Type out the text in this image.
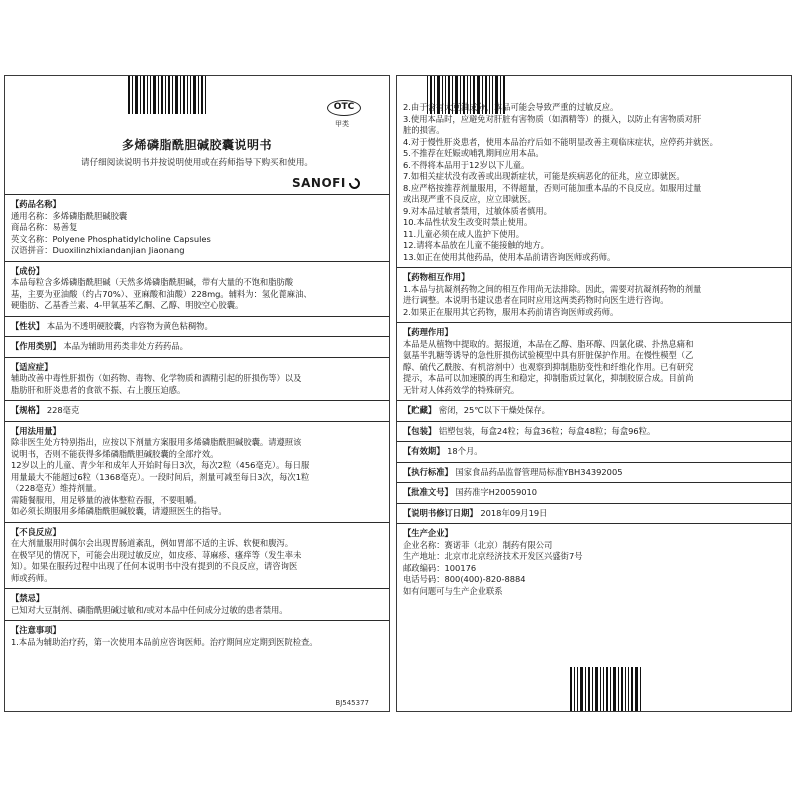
OTC
甲类
多烯磷脂酰胆碱胶囊说明书
请仔细阅读说明书并按说明使用或在药师指导下购买和使用。
SANOFI
【药品名称】
通用名称：多烯磷脂酰胆碱胶囊
商品名称：易善复
英文名称：Polyene Phosphatidylcholine Capsules
汉语拼音：Duoxilinzhixiandanjian Jiaonang
【成份】
本品每粒含多烯磷脂酰胆碱（天然多烯磷脂酰胆碱，带有大量的不饱和脂肪酸
基，主要为亚油酸（约占70%）、亚麻酸和油酸）228mg。辅料为：氢化蓖麻油、
硬脂肪、乙基香兰素、4-甲氧基苯乙酮、乙醇、明胶空心胶囊。
【性状】 本品为不透明硬胶囊，内容物为黄色粘稠物。
【作用类别】 本品为辅助用药类非处方药药品。
【适应症】
辅助改善中毒性肝损伤（如药物、毒物、化学物质和酒精引起的肝损伤等）以及
脂肪肝和肝炎患者的食欲不振、右上腹压迫感。
【规格】 228毫克
【用法用量】
除非医生处方特别指出，应按以下剂量方案服用多烯磷脂酰胆碱胶囊。请遵照该
说明书，否则不能获得多烯磷脂酰胆碱胶囊的全部疗效。
12岁以上的儿童、青少年和成年人开始时每日3次，每次2粒（456毫克）。每日服
用量最大不能超过6粒（1368毫克）。一段时间后，剂量可减至每日3次，每次1粒
（228毫克）维持剂量。
需随餐服用，用足够量的液体整粒吞服，不要咀嚼。
如必须长期服用多烯磷脂酰胆碱胶囊，请遵照医生的指导。
【不良反应】
在大剂量服用时偶尔会出现胃肠道紊乱，例如胃部不适的主诉、软便和腹泻。
在极罕见的情况下，可能会出现过敏反应，如皮疹、荨麻疹、瘙痒等（发生率未
知）。如果在服药过程中出现了任何本说明书中没有提到的不良反应，请咨询医
师或药师。
【禁忌】
已知对大豆制剂、磷脂酰胆碱过敏和/或对本品中任何成分过敏的患者禁用。
【注意事项】
1.本品为辅助治疗药，第一次使用本品前应咨询医师。治疗期间应定期到医院检查。
BJ545377
2.由于含有大豆油成分，本品可能会导致严重的过敏反应。
3.使用本品时，应避免对肝脏有害物质（如酒精等）的摄入，以防止有害物质对肝
脏的损害。
4.对于慢性肝炎患者，使用本品治疗后如不能明显改善主观临床症状，应停药并就医。
5.不推荐在妊娠或哺乳期间应用本品。
6.不得将本品用于12岁以下儿童。
7.如相关症状没有改善或出现新症状，可能是疾病恶化的征兆，应立即就医。
8.应严格按推荐剂量服用，不得超量，否则可能加重本品的不良反应。如服用过量
或出现严重不良反应，应立即就医。
9.对本品过敏者禁用，过敏体质者慎用。
10.本品性状发生改变时禁止使用。
11.儿童必须在成人监护下使用。
12.请将本品放在儿童不能接触的地方。
13.如正在使用其他药品，使用本品前请咨询医师或药师。
【药物相互作用】
1.本品与抗凝剂药物之间的相互作用尚无法排除。因此，需要对抗凝剂药物的剂量
进行调整。本说明书建议患者在同时应用这两类药物时向医生进行咨询。
2.如果正在服用其它药物，服用本药前请咨询医师或药师。
【药理作用】
本品是从植物中提取的。据报道，本品在乙醇、脂环醇、四氯化碳、扑热息痛和
氨基半乳糖等诱导的急性肝损伤试验模型中具有肝脏保护作用。在慢性模型（乙
醇、硫代乙酰胺、有机溶剂中）也观察到抑制脂肪变性和纤维化作用。已有研究
提示，本品可以加速膜的再生和稳定，抑制脂质过氧化，抑制胶原合成。目前尚
无针对人体药效学的特殊研究。
【贮藏】 密闭，25℃以下干燥处保存。
【包装】 铝塑包装，每盒24粒；每盒36粒；每盒48粒；每盒96粒。
【有效期】 18个月。
【执行标准】 国家食品药品监督管理局标准YBH34392005
【批准文号】 国药准字H20059010
【说明书修订日期】 2018年09月19日
【生产企业】
企业名称：赛诺菲（北京）制药有限公司
生产地址：北京市北京经济技术开发区兴盛街7号
邮政编码：100176
电话号码：800(400)-820-8884
如有问题可与生产企业联系
